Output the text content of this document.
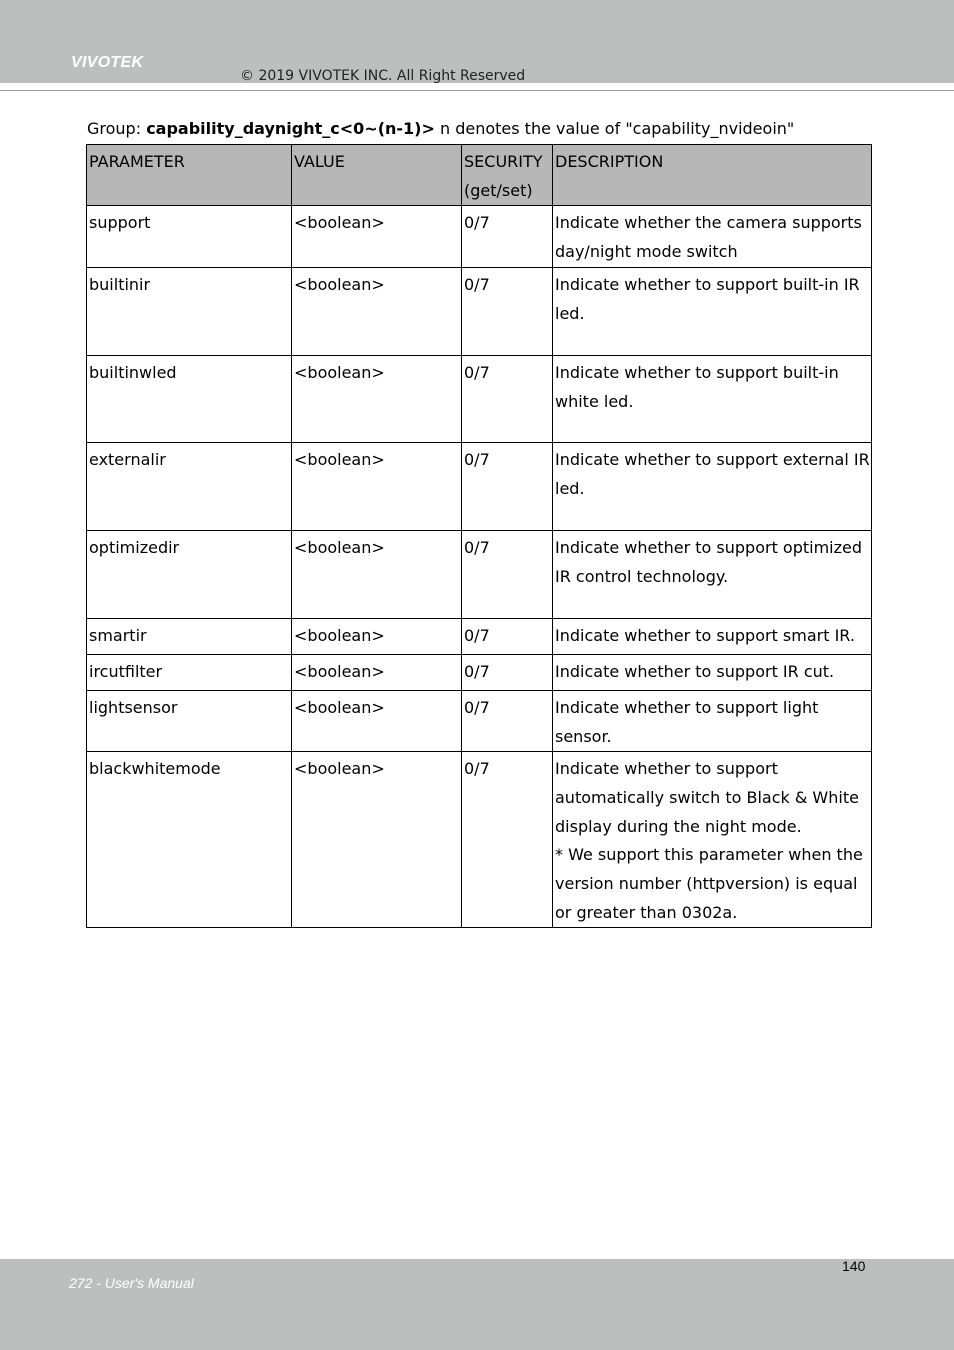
VIVOTEK
© 2019 VIVOTEK INC. All Right Reserved
Group: capability_daynight_c<0~(n-1)> n denotes the value of "capability_nvideoin"
PARAMETER	VALUE	SECURITY (get/set)	DESCRIPTION
support	<boolean>	0/7	Indicate whether the camera supports day/night mode switch
builtinir	<boolean>	0/7	Indicate whether to support built-in IR led.
builtinwled	<boolean>	0/7	Indicate whether to support built-in white led.
externalir	<boolean>	0/7	Indicate whether to support external IR led.
optimizedir	<boolean>	0/7	Indicate whether to support optimized IR control technology.
smartir	<boolean>	0/7	Indicate whether to support smart IR.
ircutfilter	<boolean>	0/7	Indicate whether to support IR cut.
lightsensor	<boolean>	0/7	Indicate whether to support light sensor.
blackwhitemode	<boolean>	0/7	Indicate whether to support automatically switch to Black & White display during the night mode.
* We support this parameter when the version number (httpversion) is equal or greater than 0302a.
272 - User's Manual
140
